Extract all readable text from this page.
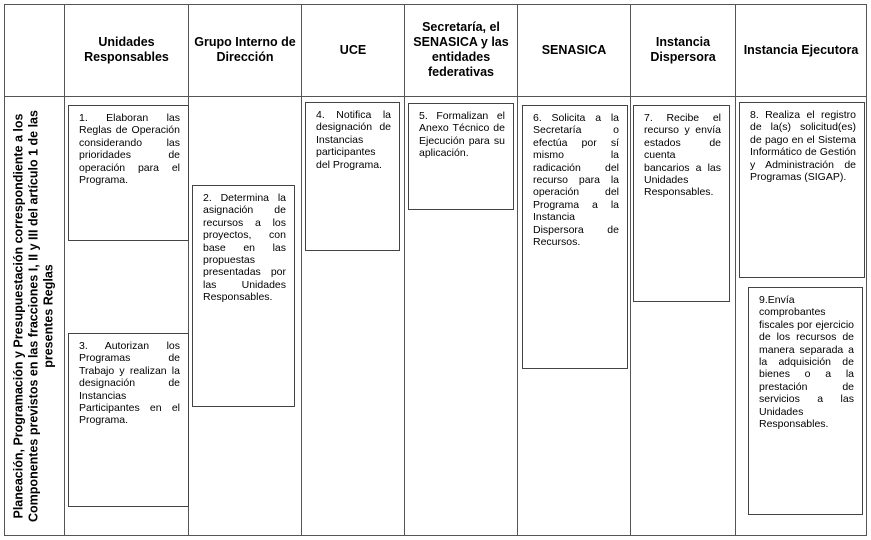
Unidades Responsables
Grupo Interno de Dirección
UCE
Secretaría, el SENASICA y las entidades federativas
SENASICA
Instancia Dispersora
Instancia Ejecutora
Planeación, Programación y Presupuestación correspondiente a los Componentes previstos en las fracciones I, II y III del artículo 1 de las presentes Reglas
1. Elaboran las Reglas de Operación considerando las prioridades de operación para el Programa.
2. Determina la asignación de recursos a los proyectos, con base en las propuestas presentadas por las Unidades Responsables.
3. Autorizan los Programas de Trabajo y realizan la designación de Instancias Participantes en el Programa.
4. Notifica la designación de Instancias participantes del Programa.
5. Formalizan el Anexo Técnico de Ejecución para su aplicación.
6. Solicita a la Secretaría o efectúa por sí mismo la radicación del recurso para la operación del Programa a la Instancia Dispersora de Recursos.
7. Recibe el recurso y envía estados de cuenta bancarios a las Unidades Responsables.
8. Realiza el registro de la(s) solicitud(es) de pago en el Sistema Informático de Gestión y Administración de Programas (SIGAP).
9.Envía comprobantes fiscales por ejercicio de los recursos de manera separada a la adquisición de bienes o a la prestación de servicios a las Unidades Responsables.
